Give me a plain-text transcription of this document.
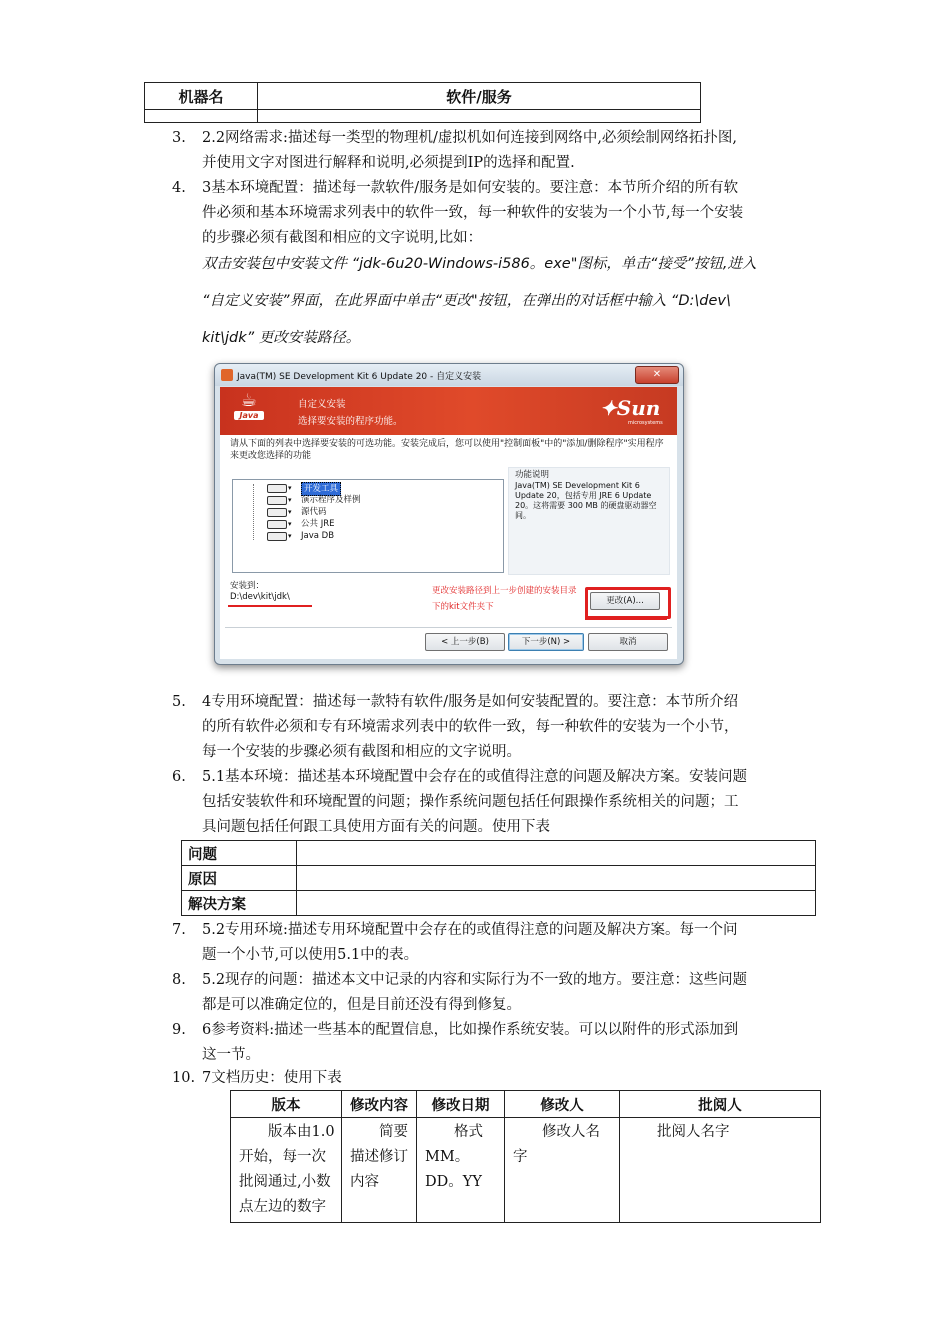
机器名	软件/服务

3.	2.2网络需求:描述每一类型的物理机/虚拟机如何连接到网络中,必须绘制网络拓扑图,
并使用文字对图进行解释和说明,必须提到IP的选择和配置.
4.	3基本环境配置：描述每一款软件/服务是如何安装的。要注意：本节所介绍的所有软
件必须和基本环境需求列表中的软件一致，每一种软件的安装为一个小节,每一个安装
的步骤必须有截图和相应的文字说明,比如：
双击安装包中安装文件 “jdk-6u20-Windows-i586。exe"图标，单击“接受”按钮,进入
“自定义安装”界面，在此界面中单击“更改"按钮，在弹出的对话框中输入 “D:\dev\
kit\jdk” 更改安装路径。
Java(TM) SE Development Kit 6 Update 20 - 自定义安装	✕
☕
Java
自定义安装
选择要安装的程序功能。
✦Sun
microsystems
请从下面的列表中选择要安装的可选功能。安装完成后，您可以使用"控制面板"中的"添加/删除程序"实用程序来更改您选择的功能
▾	开发工具
▾ 演示程序及样例
▾ 源代码
▾ 公共 JRE
▾ Java DB
功能说明
Java(TM) SE Development Kit 6 Update 20，包括专用 JRE 6 Update 20。这将需要 300 MB 的硬盘驱动器空间。
安装到：
D:\dev\kit\jdk\
更改安装路径到上一步创建的安装目录下的kit文件夹下
更改(A)...
< 上一步(B)	下一步(N) >	取消
5.	4专用环境配置：描述每一款特有软件/服务是如何安装配置的。要注意：本节所介绍
的所有软件必须和专有环境需求列表中的软件一致，每一种软件的安装为一个小节，
每一个安装的步骤必须有截图和相应的文字说明。
6.	5.1基本环境：描述基本环境配置中会存在的或值得注意的问题及解决方案。安装问题
包括安装软件和环境配置的问题；操作系统问题包括任何跟操作系统相关的问题；工
具问题包括任何跟工具使用方面有关的问题。使用下表
问题	
原因	
解决方案	
7.	5.2专用环境:描述专用环境配置中会存在的或值得注意的问题及解决方案。每一个问
题一个小节,可以使用5.1中的表。
8.	5.2现存的问题：描述本文中记录的内容和实际行为不一致的地方。要注意：这些问题
都是可以准确定位的，但是目前还没有得到修复。
9.	6参考资料:描述一些基本的配置信息，比如操作系统安装。可以以附件的形式添加到
这一节。
10. 7文档历史：使用下表
版本	修改内容	修改日期	修改人	批阅人
版本由1.0开始，每一次批阅通过,小数点左边的数字	简要描述修订内容	格式MM。DD。YY	修改人名字	批阅人名字
